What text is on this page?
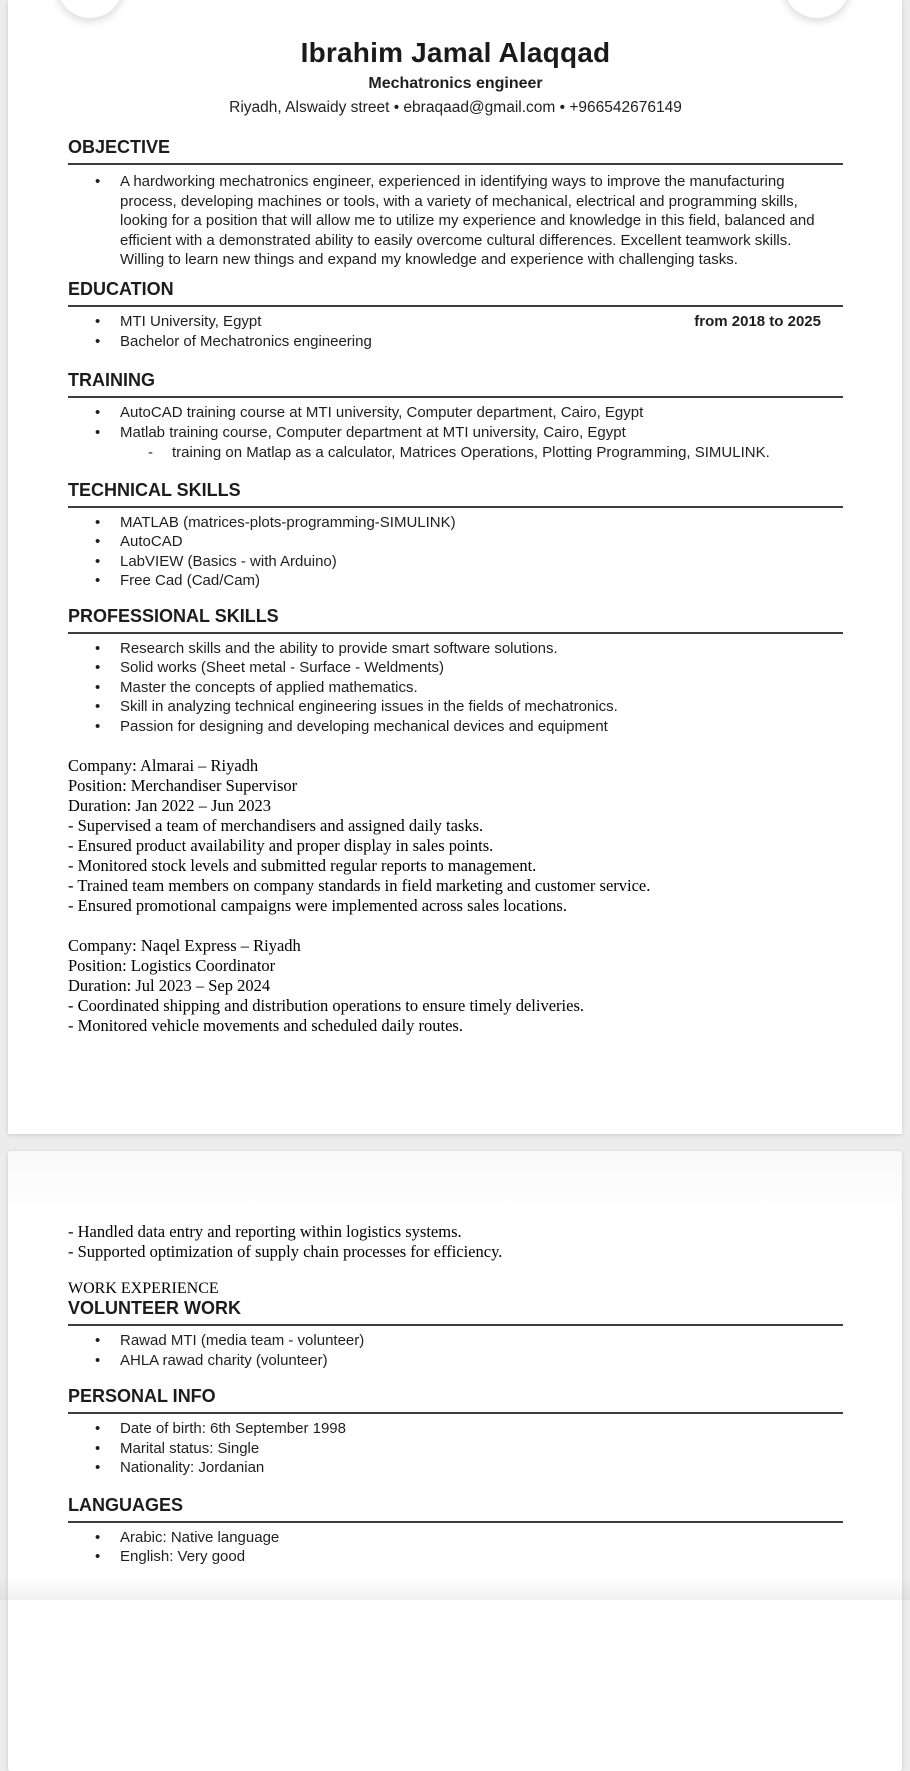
Ibrahim Jamal Alaqqad
Mechatronics engineer
Riyadh, Alswaidy street • ebraqaad@gmail.com • +966542676149
OBJECTIVE
• A hardworking mechatronics engineer, experienced in identifying ways to improve the manufacturing process, developing machines or tools, with a variety of mechanical, electrical and programming skills, looking for a position that will allow me to utilize my experience and knowledge in this field, balanced and efficient with a demonstrated ability to easily overcome cultural differences. Excellent teamwork skills. Willing to learn new things and expand my knowledge and experience with challenging tasks.
EDUCATION
• MTI University, Egypt	from 2018 to 2025
• Bachelor of Mechatronics engineering
TRAINING
• AutoCAD training course at MTI university, Computer department, Cairo, Egypt
• Matlab training course, Computer department at MTI university, Cairo, Egypt
- training on Matlap as a calculator, Matrices Operations, Plotting Programming, SIMULINK.
TECHNICAL SKILLS
• MATLAB (matrices-plots-programming-SIMULINK)
• AutoCAD
• LabVIEW (Basics - with Arduino)
• Free Cad (Cad/Cam)
PROFESSIONAL SKILLS
• Research skills and the ability to provide smart software solutions.
• Solid works (Sheet metal - Surface - Weldments)
• Master the concepts of applied mathematics.
• Skill in analyzing technical engineering issues in the fields of mechatronics.
• Passion for designing and developing mechanical devices and equipment
Company: Almarai – Riyadh
Position: Merchandiser Supervisor
Duration: Jan 2022 – Jun 2023
- Supervised a team of merchandisers and assigned daily tasks.
- Ensured product availability and proper display in sales points.
- Monitored stock levels and submitted regular reports to management.
- Trained team members on company standards in field marketing and customer service.
- Ensured promotional campaigns were implemented across sales locations.
Company: Naqel Express – Riyadh
Position: Logistics Coordinator
Duration: Jul 2023 – Sep 2024
- Coordinated shipping and distribution operations to ensure timely deliveries.
- Monitored vehicle movements and scheduled daily routes.
- Handled data entry and reporting within logistics systems.
- Supported optimization of supply chain processes for efficiency.
WORK EXPERIENCE
VOLUNTEER WORK
• Rawad MTI (media team - volunteer)
• AHLA rawad charity (volunteer)
PERSONAL INFO
• Date of birth: 6th September 1998
• Marital status: Single
• Nationality: Jordanian
LANGUAGES
• Arabic: Native language
• English: Very good
